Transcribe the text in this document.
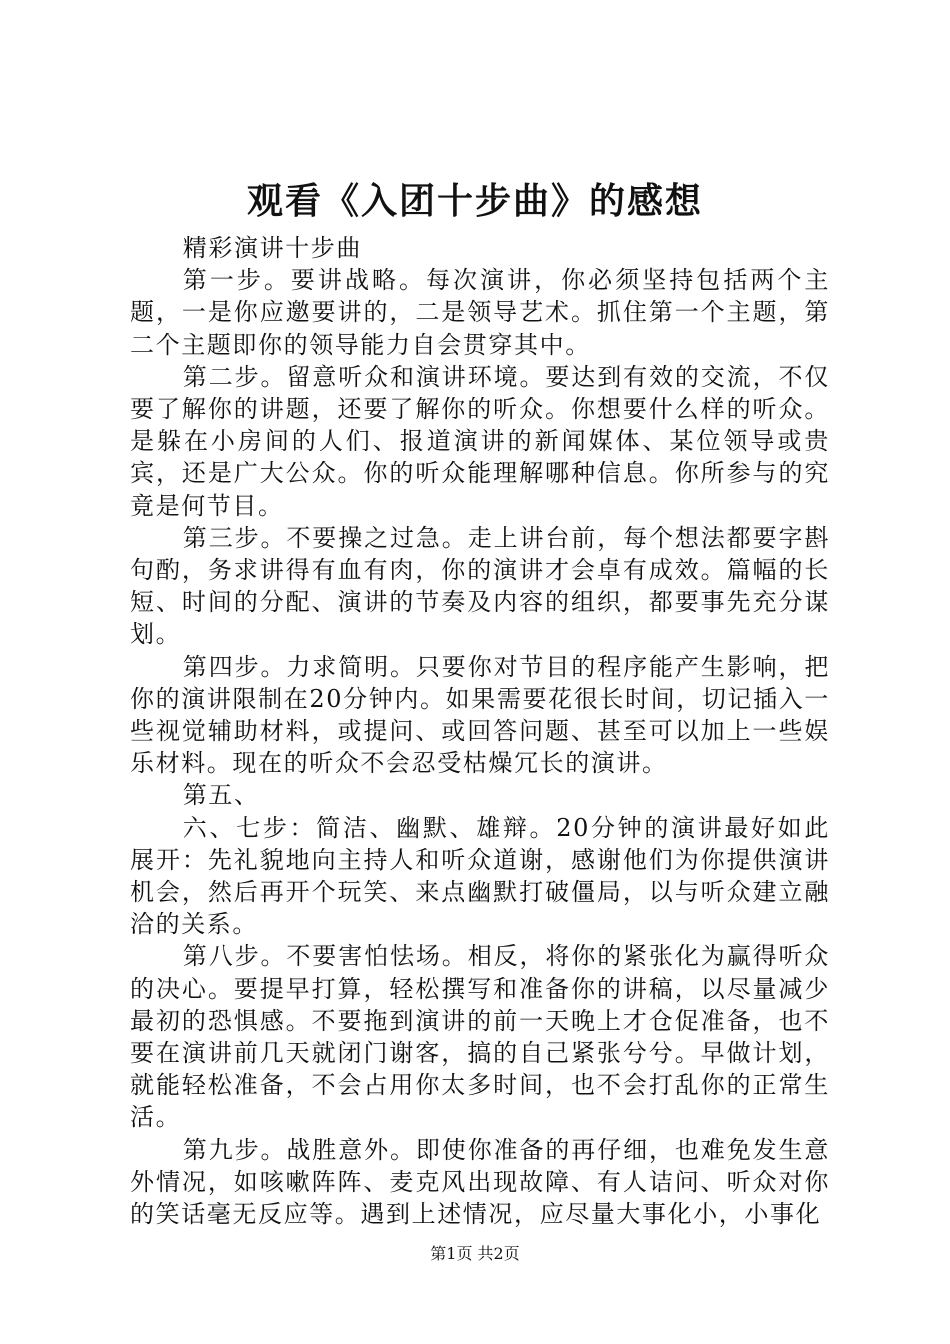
观看《入团十步曲》的感想

精彩演讲十步曲

第一步。要讲战略。每次演讲，你必须坚持包括两个主题，一是你应邀要讲的，二是领导艺术。抓住第一个主题，第二个主题即你的领导能力自会贯穿其中。

第二步。留意听众和演讲环境。要达到有效的交流，不仅要了解你的讲题，还要了解你的听众。你想要什么样的听众。是躲在小房间的人们、报道演讲的新闻媒体、某位领导或贵宾，还是广大公众。你的听众能理解哪种信息。你所参与的究竟是何节目。

第三步。不要操之过急。走上讲台前，每个想法都要字斟句酌，务求讲得有血有肉，你的演讲才会卓有成效。篇幅的长短、时间的分配、演讲的节奏及内容的组织，都要事先充分谋划。

第四步。力求简明。只要你对节目的程序能产生影响，把你的演讲限制在20分钟内。如果需要花很长时间，切记插入一些视觉辅助材料，或提问、或回答问题、甚至可以加上一些娱乐材料。现在的听众不会忍受枯燥冗长的演讲。

第五、

六、七步：简洁、幽默、雄辩。20分钟的演讲最好如此展开：先礼貌地向主持人和听众道谢，感谢他们为你提供演讲机会，然后再开个玩笑、来点幽默打破僵局，以与听众建立融洽的关系。

第八步。不要害怕怯场。相反，将你的紧张化为赢得听众的决心。要提早打算，轻松撰写和准备你的讲稿，以尽量减少最初的恐惧感。不要拖到演讲的前一天晚上才仓促准备，也不要在演讲前几天就闭门谢客，搞的自己紧张兮兮。早做计划，就能轻松准备，不会占用你太多时间，也不会打乱你的正常生活。

第九步。战胜意外。即使你准备的再仔细，也难免发生意外情况，如咳嗽阵阵、麦克风出现故障、有人诘问、听众对你的笑话毫无反应等。遇到上述情况，应尽量大事化小，小事化

第1页 共2页
